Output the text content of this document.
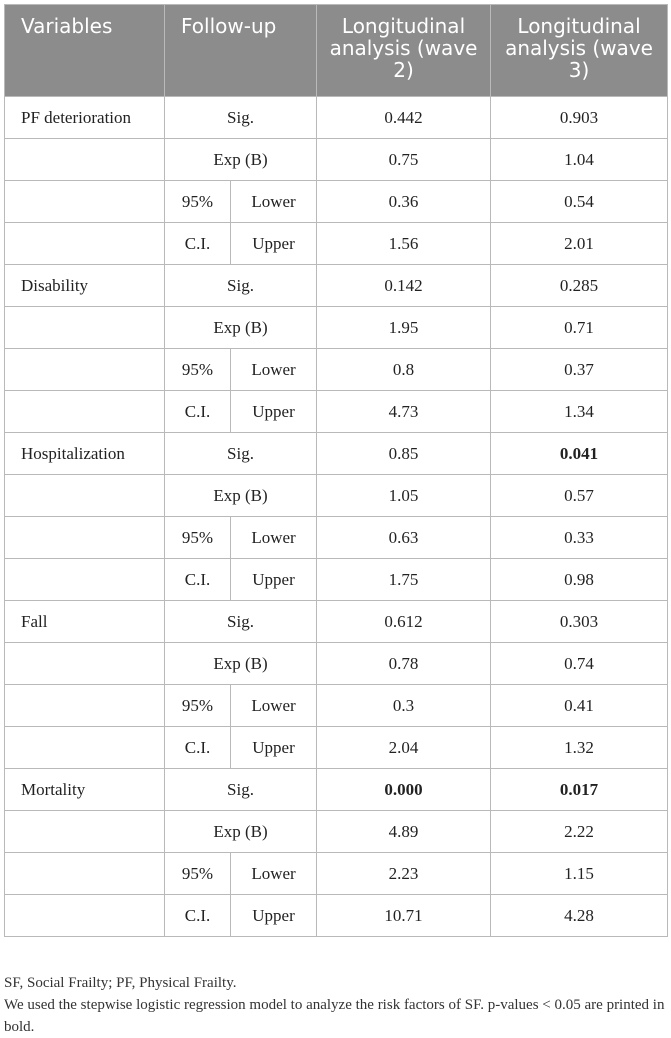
Variables	Follow-up		Longitudinal analysis (wave 2)	Longitudinal analysis (wave 3)
PF deterioration	Sig.		0.442	0.903
	Exp (B)		0.75	1.04
	95%	Lower	0.36	0.54
	C.I.	Upper	1.56	2.01
Disability	Sig.		0.142	0.285
	Exp (B)		1.95	0.71
	95%	Lower	0.8	0.37
	C.I.	Upper	4.73	1.34
Hospitalization	Sig.		0.85	0.041
	Exp (B)		1.05	0.57
	95%	Lower	0.63	0.33
	C.I.	Upper	1.75	0.98
Fall	Sig.		0.612	0.303
	Exp (B)		0.78	0.74
	95%	Lower	0.3	0.41
	C.I.	Upper	2.04	1.32
Mortality	Sig.		0.000	0.017
	Exp (B)		4.89	2.22
	95%	Lower	2.23	1.15
	C.I.	Upper	10.71	4.28

SF, Social Frailty; PF, Physical Frailty.

We used the stepwise logistic regression model to analyze the risk factors of SF. p-values < 0.05 are printed in bold.
